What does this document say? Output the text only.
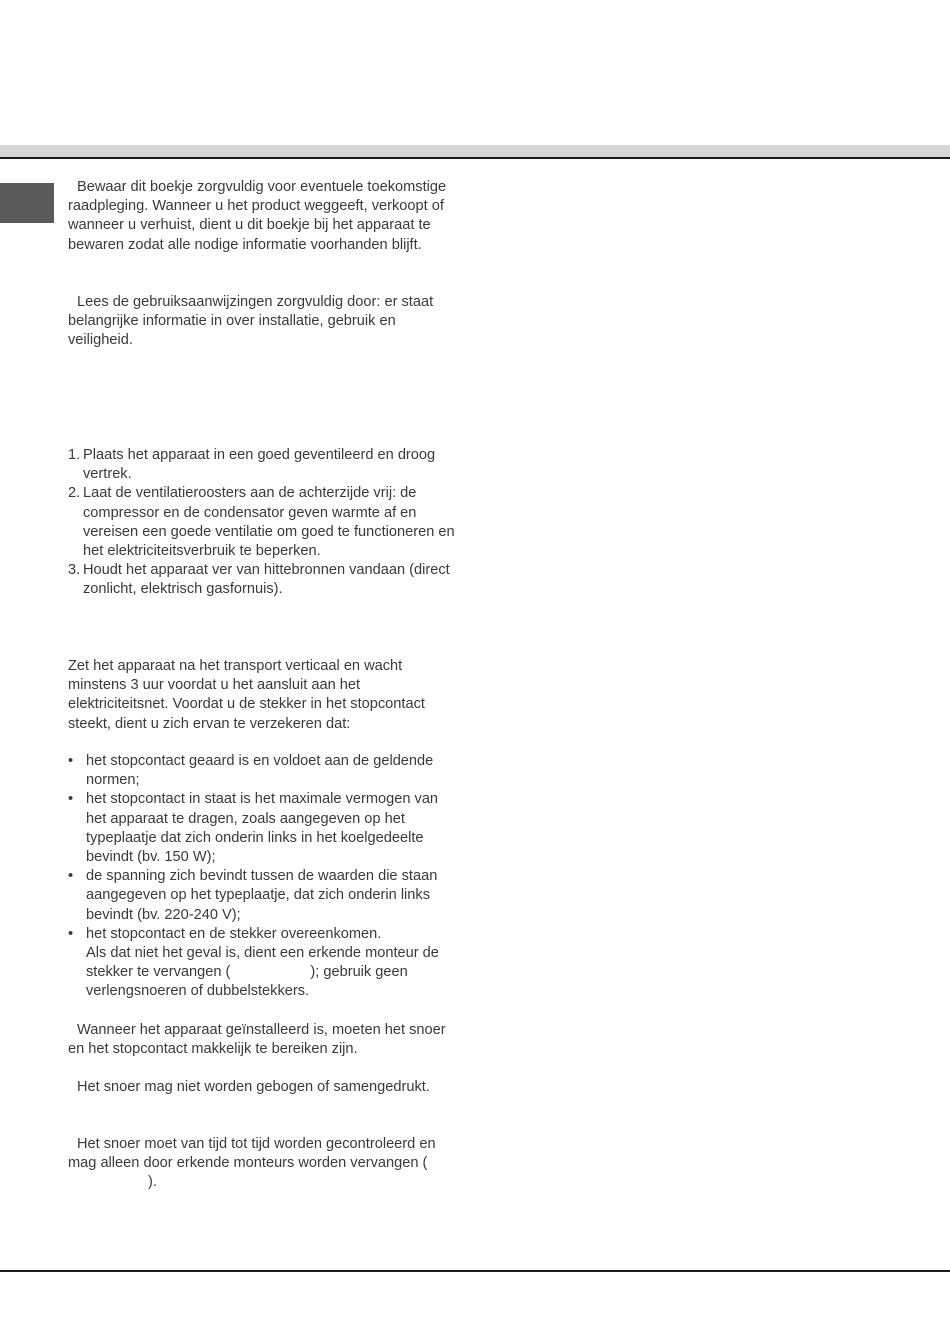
Bewaar dit boekje zorgvuldig voor eventuele toekomstige raadpleging. Wanneer u het product weggeeft, verkoopt of wanneer u verhuist, dient u dit boekje bij het apparaat te bewaren zodat alle nodige informatie voorhanden blijft.

Lees de gebruiksaanwijzingen zorgvuldig door: er staat belangrijke informatie in over installatie, gebruik en veiligheid.

1. Plaats het apparaat in een goed geventileerd en droog vertrek.
2. Laat de ventilatieroosters aan de achterzijde vrij: de compressor en de condensator geven warmte af en vereisen een goede ventilatie om goed te functioneren en het elektriciteitsverbruik te beperken.
3. Houdt het apparaat ver van hittebronnen vandaan (direct zonlicht, elektrisch gasfornuis).

Zet het apparaat na het transport verticaal en wacht minstens 3 uur voordat u het aansluit aan het elektriciteitsnet. Voordat u de stekker in het stopcontact steekt, dient u zich ervan te verzekeren dat:

• het stopcontact geaard is en voldoet aan de geldende normen;
• het stopcontact in staat is het maximale vermogen van het apparaat te dragen, zoals aangegeven op het typeplaatje dat zich onderin links in het koelgedeelte bevindt (bv. 150 W);
• de spanning zich bevindt tussen de waarden die staan aangegeven op het typeplaatje, dat zich onderin links bevindt (bv. 220-240 V);
• het stopcontact en de stekker overeenkomen.
Als dat niet het geval is, dient een erkende monteur de stekker te vervangen (	); gebruik geen verlengsnoeren of dubbelstekkers.

Wanneer het apparaat geïnstalleerd is, moeten het snoer en het stopcontact makkelijk te bereiken zijn.

Het snoer mag niet worden gebogen of samengedrukt.

Het snoer moet van tijd tot tijd worden gecontroleerd en mag alleen door erkende monteurs worden vervangen ().
